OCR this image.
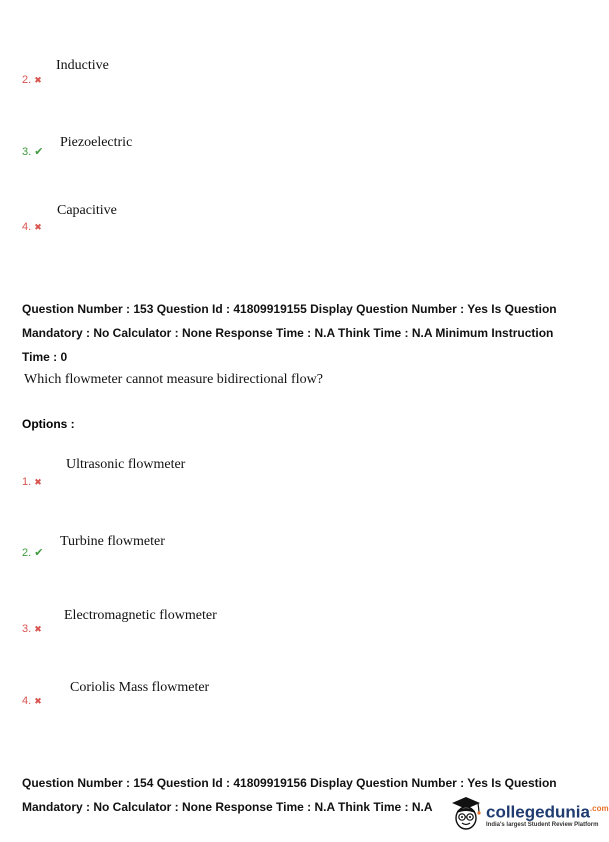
Inductive
2. ✖
Piezoelectric
3. ✔
Capacitive
4. ✖
Question Number : 153 Question Id : 41809919155 Display Question Number : Yes Is Question
Mandatory : No Calculator : None Response Time : N.A Think Time : N.A Minimum Instruction
Time : 0
Which flowmeter cannot measure bidirectional flow?
Options :
Ultrasonic flowmeter
1. ✖
Turbine flowmeter
2. ✔
Electromagnetic flowmeter
3. ✖
Coriolis Mass flowmeter
4. ✖
Question Number : 154 Question Id : 41809919156 Display Question Number : Yes Is Question
Mandatory : No Calculator : None Response Time : N.A Think Time : N.A	collegedunia$^{.com}$
India's largest Student Review Platform
